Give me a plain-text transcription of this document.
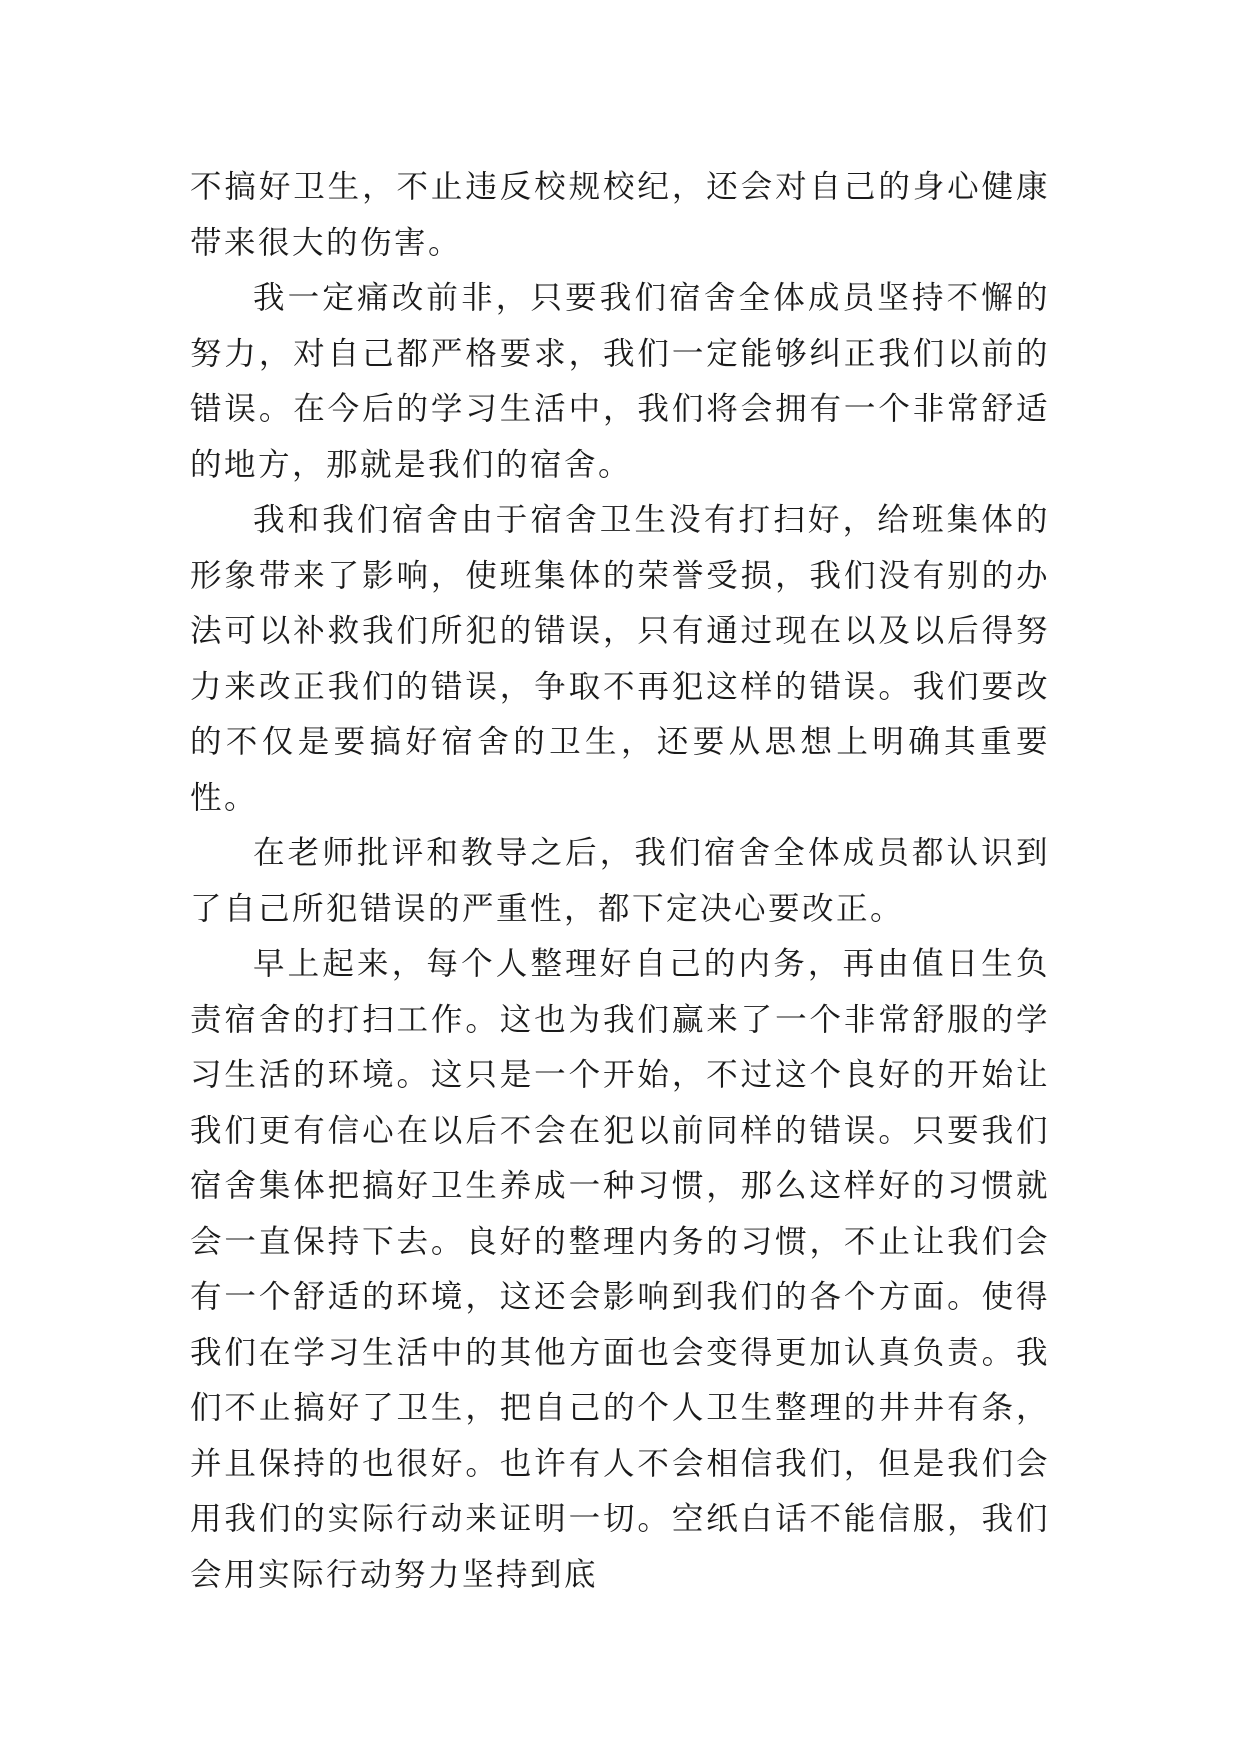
不搞好卫生，不止违反校规校纪，还会对自己的身心健康带来很大的伤害。

我一定痛改前非，只要我们宿舍全体成员坚持不懈的努力，对自己都严格要求，我们一定能够纠正我们以前的错误。在今后的学习生活中，我们将会拥有一个非常舒适的地方，那就是我们的宿舍。

我和我们宿舍由于宿舍卫生没有打扫好，给班集体的形象带来了影响，使班集体的荣誉受损，我们没有别的办法可以补救我们所犯的错误，只有通过现在以及以后得努力来改正我们的错误，争取不再犯这样的错误。我们要改的不仅是要搞好宿舍的卫生，还要从思想上明确其重要性。

在老师批评和教导之后，我们宿舍全体成员都认识到了自己所犯错误的严重性，都下定决心要改正。

早上起来，每个人整理好自己的内务，再由值日生负责宿舍的打扫工作。这也为我们赢来了一个非常舒服的学习生活的环境。这只是一个开始，不过这个良好的开始让我们更有信心在以后不会在犯以前同样的错误。只要我们宿舍集体把搞好卫生养成一种习惯，那么这样好的习惯就会一直保持下去。良好的整理内务的习惯，不止让我们会有一个舒适的环境，这还会影响到我们的各个方面。使得我们在学习生活中的其他方面也会变得更加认真负责。我们不止搞好了卫生，把自己的个人卫生整理的井井有条，并且保持的也很好。也许有人不会相信我们，但是我们会用我们的实际行动来证明一切。空纸白话不能信服，我们会用实际行动努力坚持到底
